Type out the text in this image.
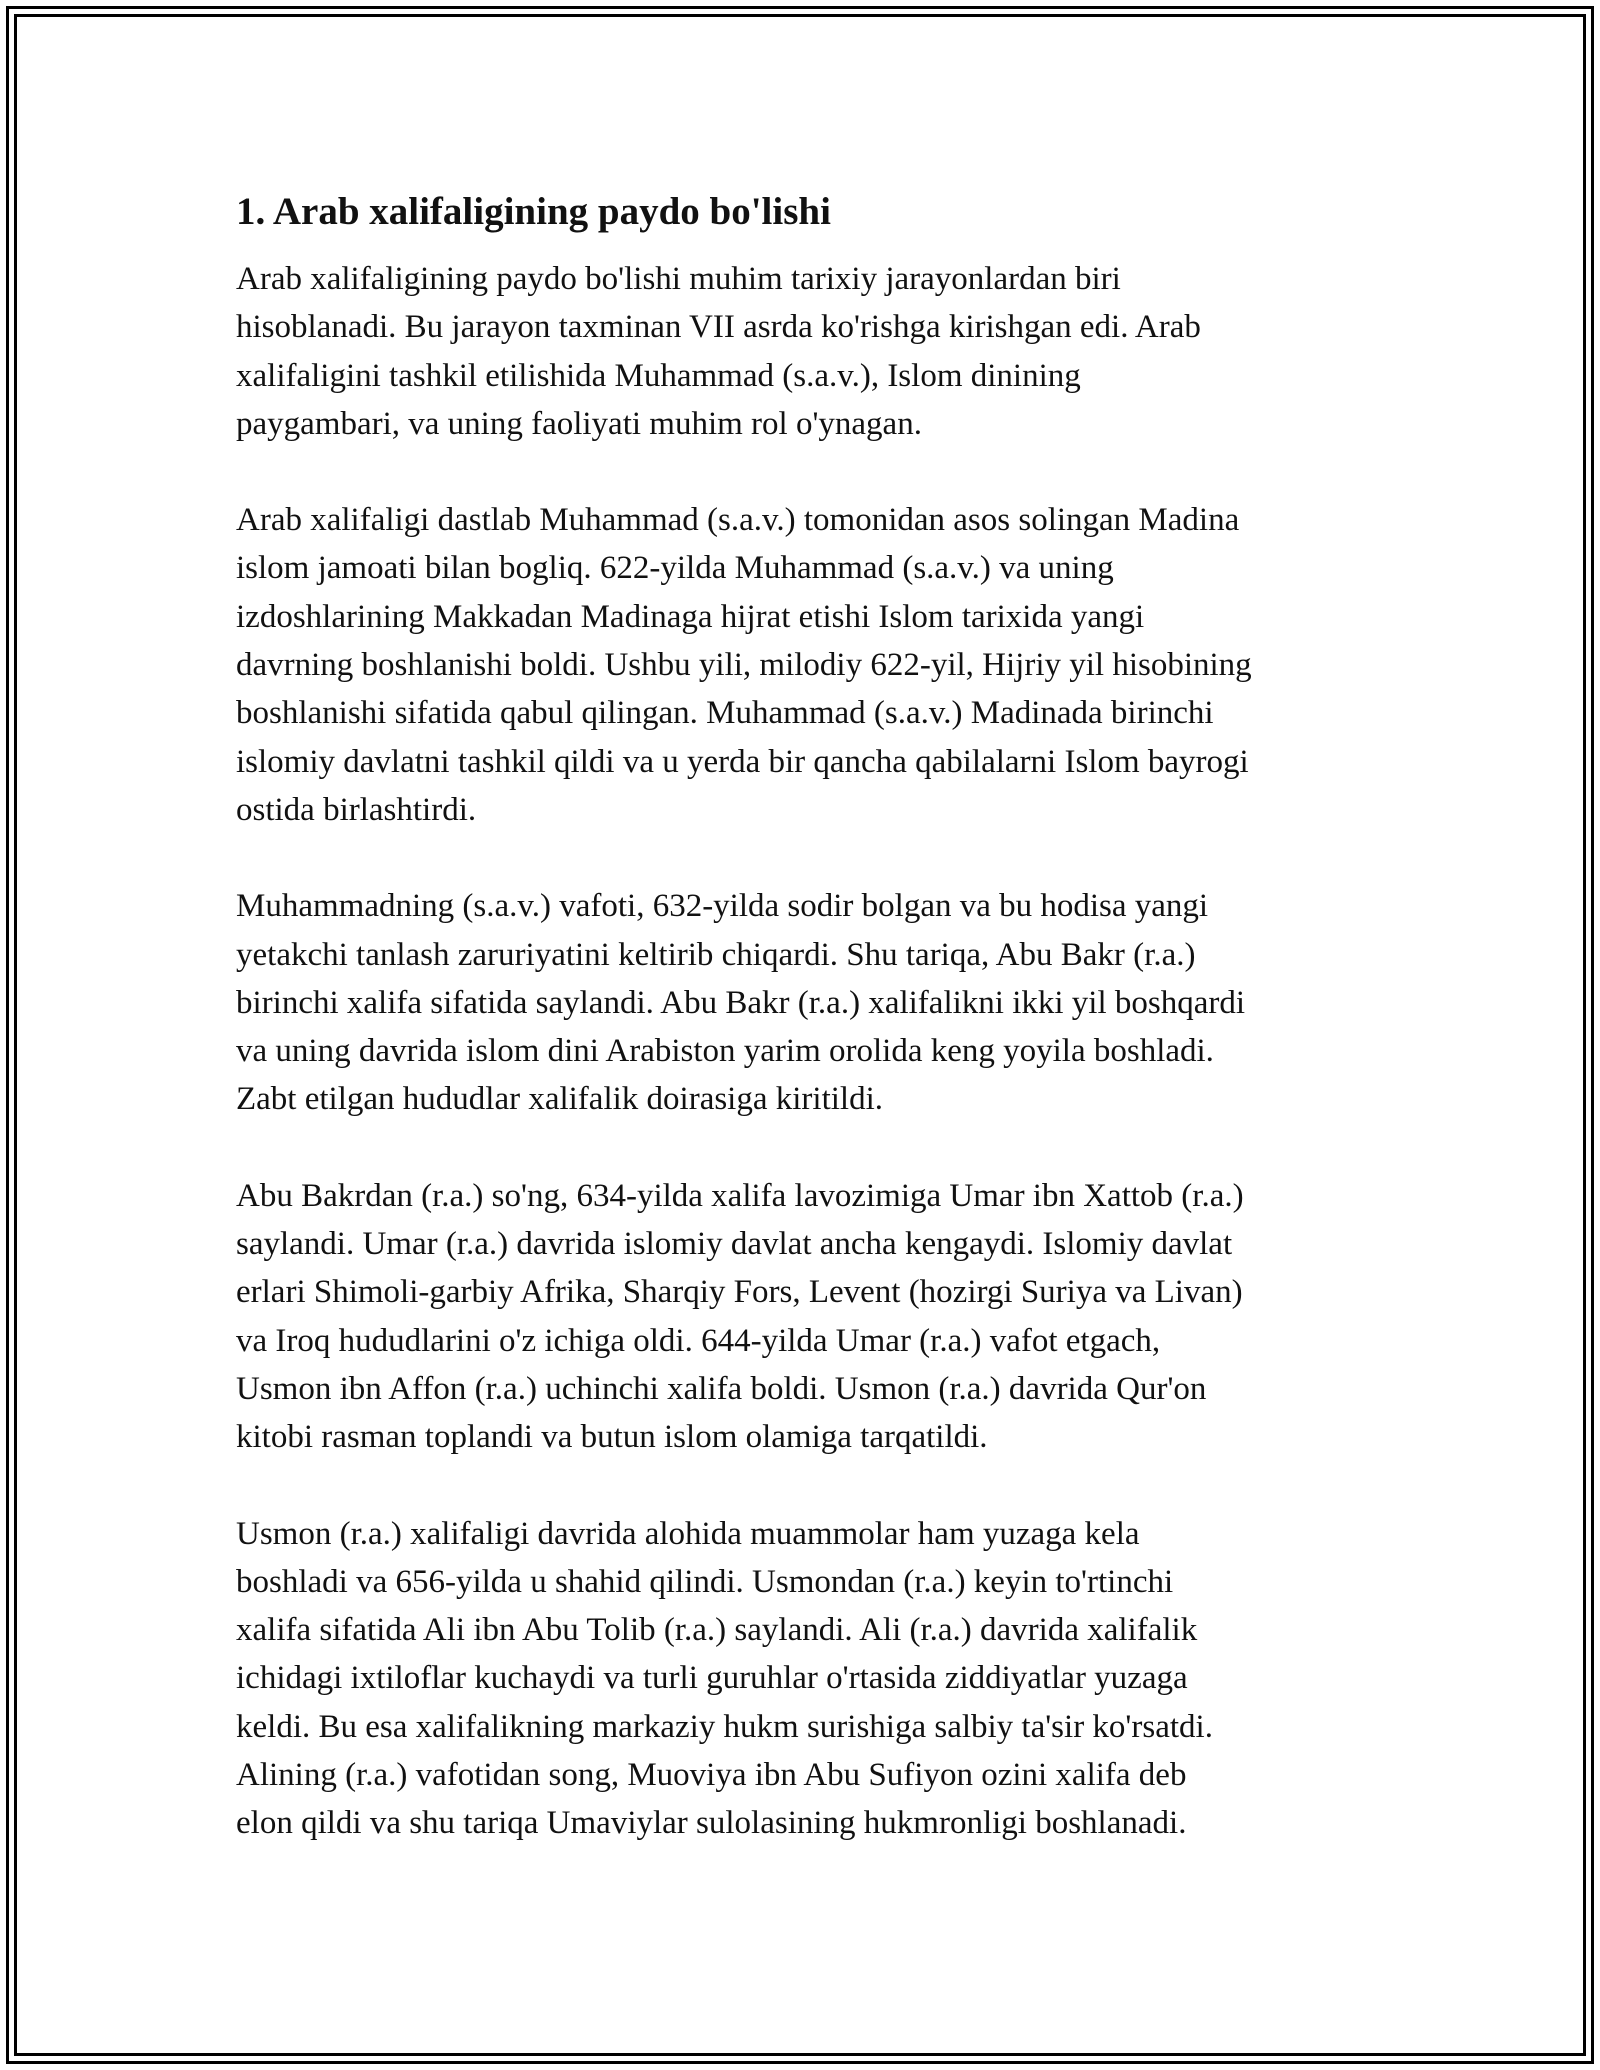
1. Arab xalifaligining paydo bo'lishi

Arab xalifaligining paydo bo'lishi muhim tarixiy jarayonlardan biri
hisoblanadi. Bu jarayon taxminan VII asrda ko'rishga kirishgan edi. Arab
xalifaligini tashkil etilishida Muhammad (s.a.v.), Islom dinining
paygambari, va uning faoliyati muhim rol o'ynagan.

Arab xalifaligi dastlab Muhammad (s.a.v.) tomonidan asos solingan Madina
islom jamoati bilan bogliq. 622-yilda Muhammad (s.a.v.) va uning
izdoshlarining Makkadan Madinaga hijrat etishi Islom tarixida yangi
davrning boshlanishi boldi. Ushbu yili, milodiy 622-yil, Hijriy yil hisobining
boshlanishi sifatida qabul qilingan. Muhammad (s.a.v.) Madinada birinchi
islomiy davlatni tashkil qildi va u yerda bir qancha qabilalarni Islom bayrogi
ostida birlashtirdi.

Muhammadning (s.a.v.) vafoti, 632-yilda sodir bolgan va bu hodisa yangi
yetakchi tanlash zaruriyatini keltirib chiqardi. Shu tariqa, Abu Bakr (r.a.)
birinchi xalifa sifatida saylandi. Abu Bakr (r.a.) xalifalikni ikki yil boshqardi
va uning davrida islom dini Arabiston yarim orolida keng yoyila boshladi.
Zabt etilgan hududlar xalifalik doirasiga kiritildi.

Abu Bakrdan (r.a.) so'ng, 634-yilda xalifa lavozimiga Umar ibn Xattob (r.a.)
saylandi. Umar (r.a.) davrida islomiy davlat ancha kengaydi. Islomiy davlat
erlari Shimoli-garbiy Afrika, Sharqiy Fors, Levent (hozirgi Suriya va Livan)
va Iroq hududlarini o'z ichiga oldi. 644-yilda Umar (r.a.) vafot etgach,
Usmon ibn Affon (r.a.) uchinchi xalifa boldi. Usmon (r.a.) davrida Qur'on
kitobi rasman toplandi va butun islom olamiga tarqatildi.

Usmon (r.a.) xalifaligi davrida alohida muammolar ham yuzaga kela
boshladi va 656-yilda u shahid qilindi. Usmondan (r.a.) keyin to'rtinchi
xalifa sifatida Ali ibn Abu Tolib (r.a.) saylandi. Ali (r.a.) davrida xalifalik
ichidagi ixtiloflar kuchaydi va turli guruhlar o'rtasida ziddiyatlar yuzaga
keldi. Bu esa xalifalikning markaziy hukm surishiga salbiy ta'sir ko'rsatdi.
Alining (r.a.) vafotidan song, Muoviya ibn Abu Sufiyon ozini xalifa deb
elon qildi va shu tariqa Umaviylar sulolasining hukmronligi boshlanadi.
